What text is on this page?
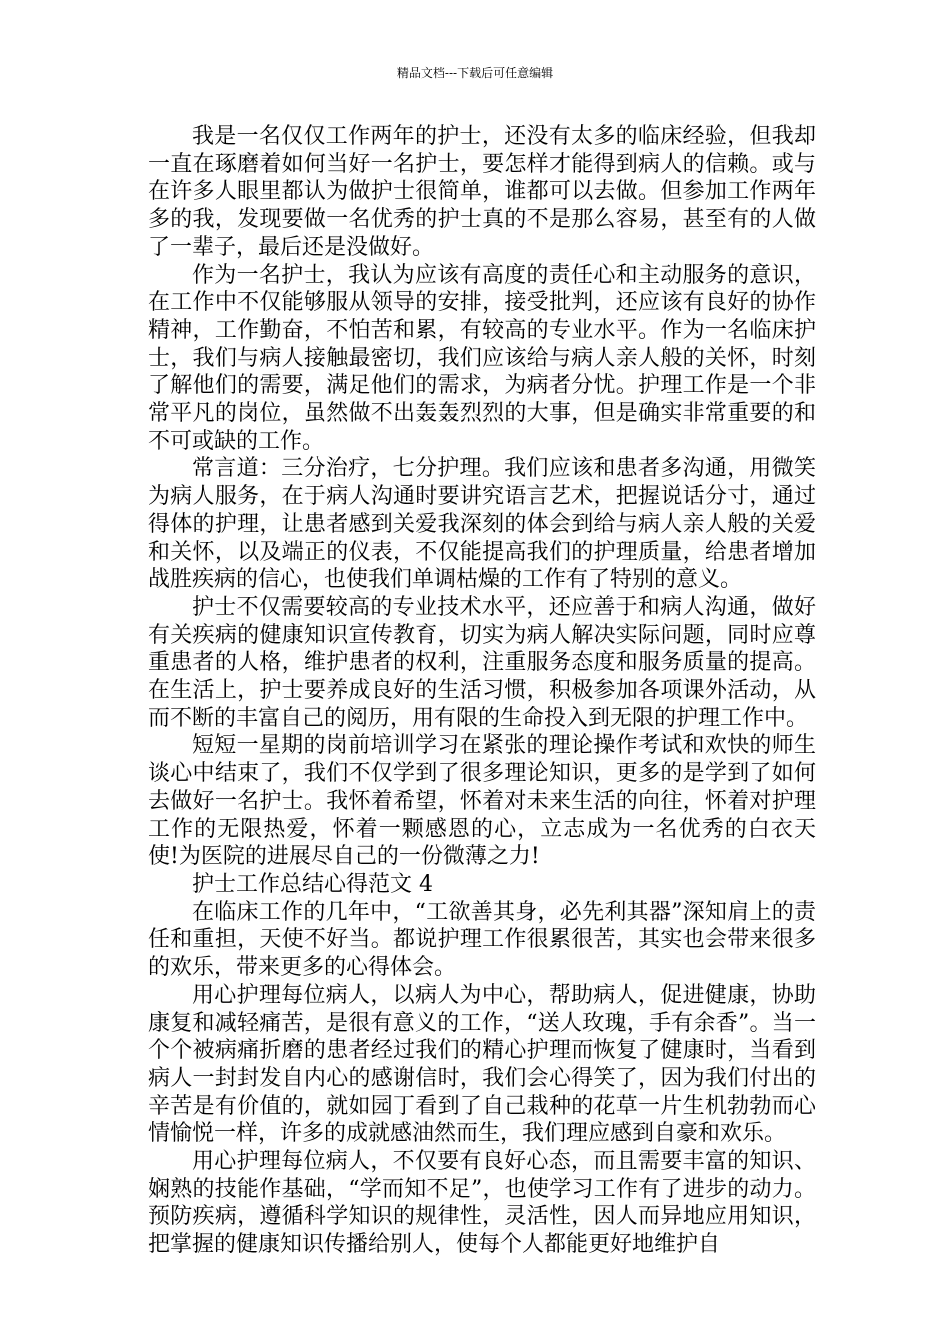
精品文档---下载后可任意编辑

我是一名仅仅工作两年的护士，还没有太多的临床经验，但我却一直在琢磨着如何当好一名护士，要怎样才能得到病人的信赖。或与在许多人眼里都认为做护士很简单，谁都可以去做。但参加工作两年多的我，发现要做一名优秀的护士真的不是那么容易，甚至有的人做了一辈子，最后还是没做好。

作为一名护士，我认为应该有高度的责任心和主动服务的意识，在工作中不仅能够服从领导的安排，接受批判，还应该有良好的协作精神，工作勤奋，不怕苦和累，有较高的专业水平。作为一名临床护士，我们与病人接触最密切，我们应该给与病人亲人般的关怀，时刻了解他们的需要，满足他们的需求，为病者分忧。护理工作是一个非常平凡的岗位，虽然做不出轰轰烈烈的大事，但是确实非常重要的和不可或缺的工作。

常言道：三分治疗，七分护理。我们应该和患者多沟通，用微笑为病人服务，在于病人沟通时要讲究语言艺术，把握说话分寸，通过得体的护理，让患者感到关爱我深刻的体会到给与病人亲人般的关爱和关怀，以及端正的仪表，不仅能提高我们的护理质量，给患者增加战胜疾病的信心，也使我们单调枯燥的工作有了特别的意义。

护士不仅需要较高的专业技术水平，还应善于和病人沟通，做好有关疾病的健康知识宣传教育，切实为病人解决实际问题，同时应尊重患者的人格，维护患者的权利，注重服务态度和服务质量的提高。在生活上，护士要养成良好的生活习惯，积极参加各项课外活动，从而不断的丰富自己的阅历，用有限的生命投入到无限的护理工作中。

短短一星期的岗前培训学习在紧张的理论操作考试和欢快的师生谈心中结束了，我们不仅学到了很多理论知识，更多的是学到了如何去做好一名护士。我怀着希望，怀着对未来生活的向往，怀着对护理工作的无限热爱，怀着一颗感恩的心，立志成为一名优秀的白衣天使!为医院的进展尽自己的一份微薄之力!

护士工作总结心得范文 4

在临床工作的几年中，“工欲善其身，必先利其器”深知肩上的责任和重担，天使不好当。都说护理工作很累很苦，其实也会带来很多的欢乐，带来更多的心得体会。

用心护理每位病人，以病人为中心，帮助病人，促进健康，协助康复和减轻痛苦，是很有意义的工作，“送人玫瑰，手有余香”。当一个个被病痛折磨的患者经过我们的精心护理而恢复了健康时，当看到病人一封封发自内心的感谢信时，我们会心得笑了，因为我们付出的辛苦是有价值的，就如园丁看到了自己栽种的花草一片生机勃勃而心情愉悦一样，许多的成就感油然而生，我们理应感到自豪和欢乐。

用心护理每位病人，不仅要有良好心态，而且需要丰富的知识、娴熟的技能作基础，“学而知不足”，也使学习工作有了进步的动力。预防疾病，遵循科学知识的规律性，灵活性，因人而异地应用知识，把掌握的健康知识传播给别人，使每个人都能更好地维护自
